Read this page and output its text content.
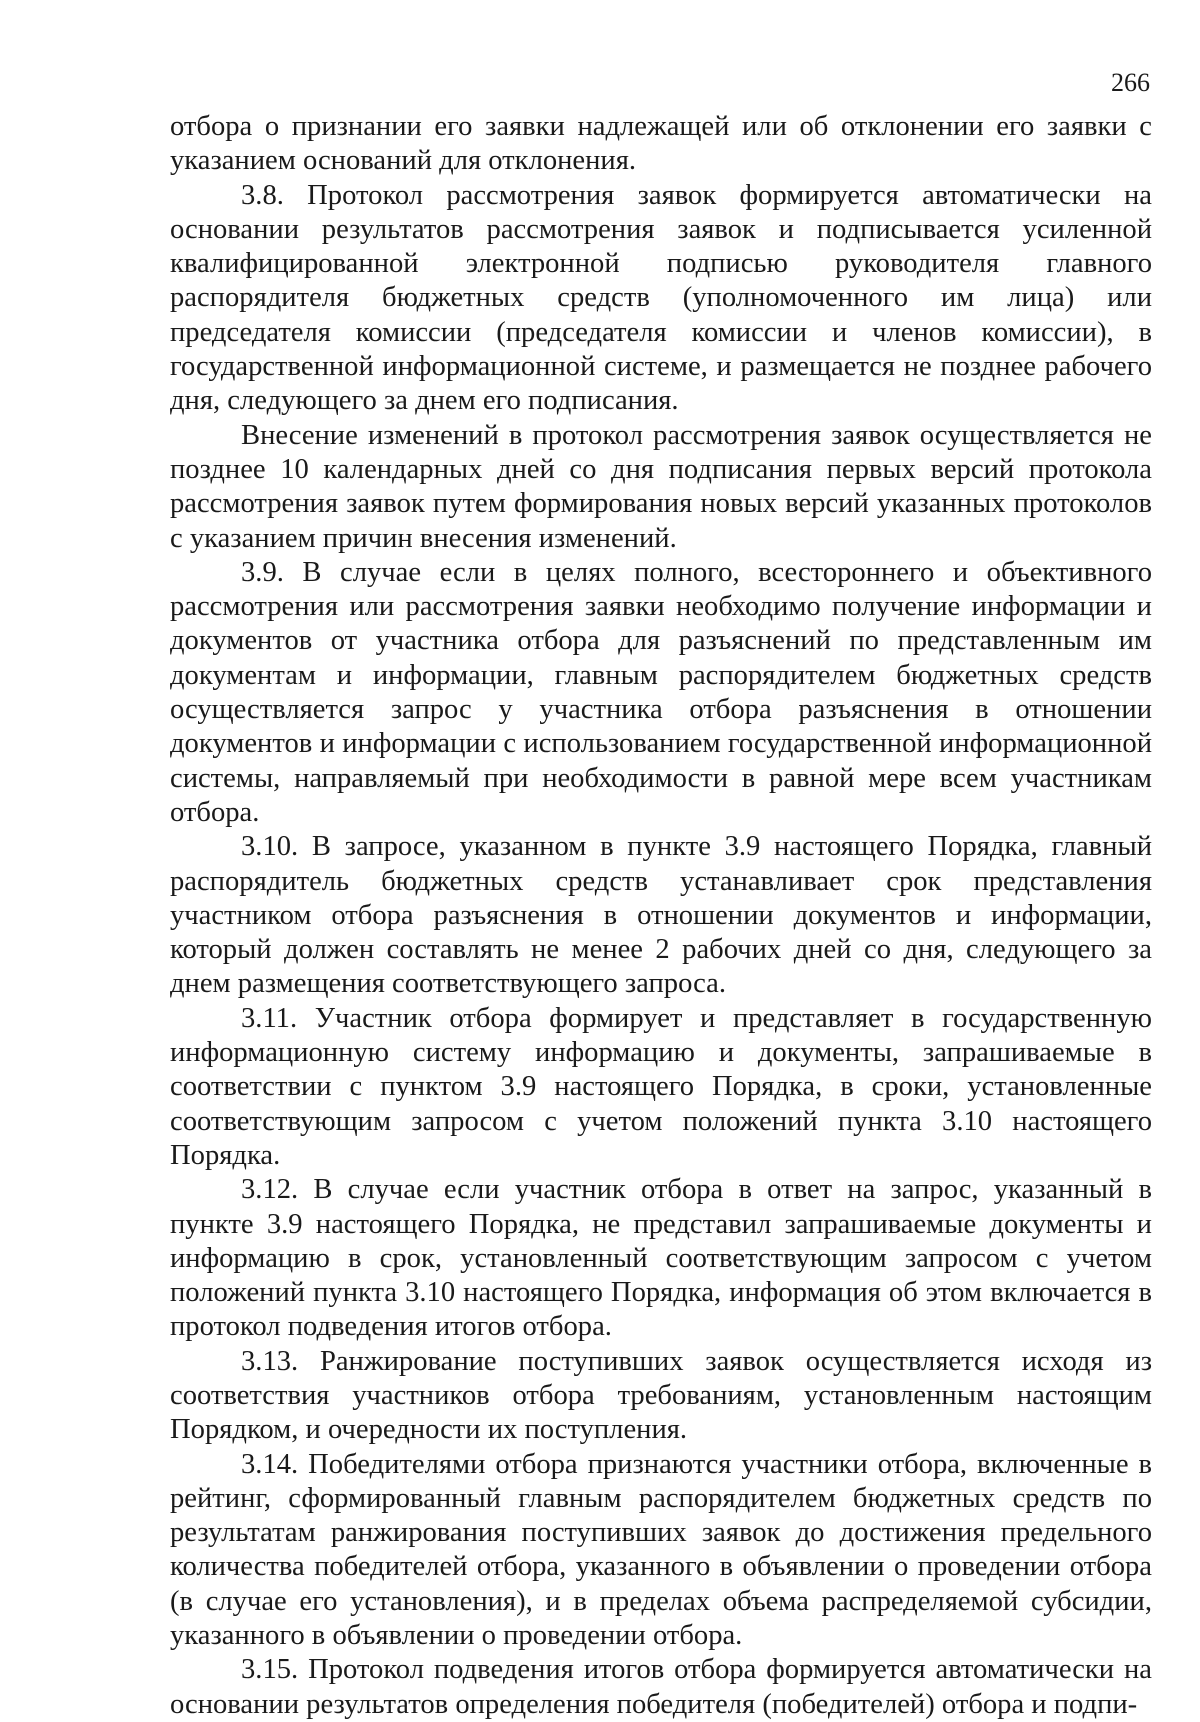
266

отбора о признании его заявки надлежащей или об отклонении его заявки с указанием оснований для отклонения.

3.8. Протокол рассмотрения заявок формируется автоматически на основании результатов рассмотрения заявок и подписывается усиленной квалифицированной электронной подписью руководителя главного распорядителя бюджетных средств (уполномоченного им лица) или председателя комиссии (председателя комиссии и членов комиссии), в государственной информационной системе, и размещается не позднее рабочего дня, следующего за днем его подписания.

Внесение изменений в протокол рассмотрения заявок осуществляется не позднее 10 календарных дней со дня подписания первых версий протокола рассмотрения заявок путем формирования новых версий указанных протоколов с указанием причин внесения изменений.

3.9. В случае если в целях полного, всестороннего и объективного рассмотрения или рассмотрения заявки необходимо получение информации и документов от участника отбора для разъяснений по представленным им документам и информации, главным распорядителем бюджетных средств осуществляется запрос у участника отбора разъяснения в отношении документов и информации с использованием государственной информационной системы, направляемый при необходимости в равной мере всем участникам отбора.

3.10. В запросе, указанном в пункте 3.9 настоящего Порядка, главный распорядитель бюджетных средств устанавливает срок представления участником отбора разъяснения в отношении документов и информации, который должен составлять не менее 2 рабочих дней со дня, следующего за днем размещения соответствующего запроса.

3.11. Участник отбора формирует и представляет в государственную информационную систему информацию и документы, запрашиваемые в соответствии с пунктом 3.9 настоящего Порядка, в сроки, установленные соответствующим запросом с учетом положений пункта 3.10 настоящего Порядка.

3.12. В случае если участник отбора в ответ на запрос, указанный в пункте 3.9 настоящего Порядка, не представил запрашиваемые документы и информацию в срок, установленный соответствующим запросом с учетом положений пункта 3.10 настоящего Порядка, информация об этом включается в протокол подведения итогов отбора.

3.13. Ранжирование поступивших заявок осуществляется исходя из соответствия участников отбора требованиям, установленным настоящим Порядком, и очередности их поступления.

3.14. Победителями отбора признаются участники отбора, включенные в рейтинг, сформированный главным распорядителем бюджетных средств по результатам ранжирования поступивших заявок до достижения предельного количества победителей отбора, указанного в объявлении о проведении отбора (в случае его установления), и в пределах объема распределяемой субсидии, указанного в объявлении о проведении отбора.

3.15. Протокол подведения итогов отбора формируется автоматически на основании результатов определения победителя (победителей) отбора и подпи-
